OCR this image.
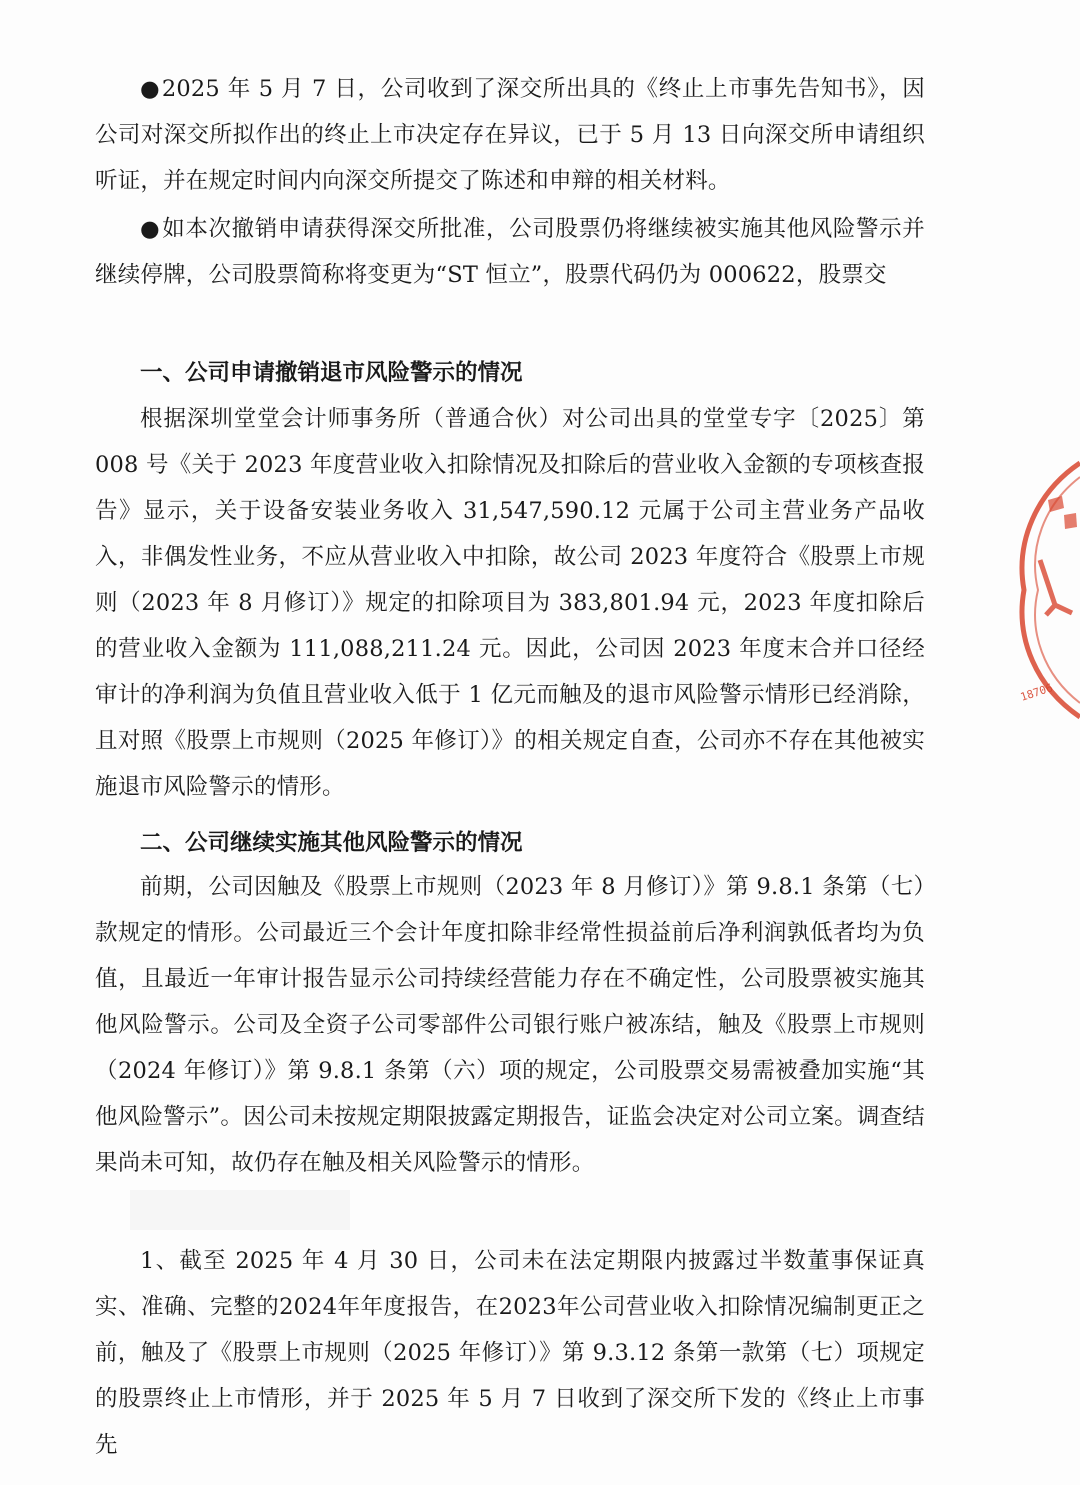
●2025 年 5 月 7 日，公司收到了深交所出具的《终止上市事先告知书》，因公司对深交所拟作出的终止上市决定存在异议，已于 5 月 13 日向深交所申请组织听证，并在规定时间内向深交所提交了陈述和申辩的相关材料。

●如本次撤销申请获得深交所批准，公司股票仍将继续被实施其他风险警示并继续停牌，公司股票简称将变更为“ST 恒立”，股票代码仍为 000622，股票交

一、公司申请撤销退市风险警示的情况

根据深圳堂堂会计师事务所（普通合伙）对公司出具的堂堂专字〔2025〕第 008 号《关于 2023 年度营业收入扣除情况及扣除后的营业收入金额的专项核查报告》显示，关于设备安装业务收入 31,547,590.12 元属于公司主营业务产品收入，非偶发性业务，不应从营业收入中扣除，故公司 2023 年度符合《股票上市规则（2023 年 8 月修订）》规定的扣除项目为 383,801.94 元，2023 年度扣除后的营业收入金额为 111,088,211.24 元。因此，公司因 2023 年度末合并口径经审计的净利润为负值且营业收入低于 1 亿元而触及的退市风险警示情形已经消除，且对照《股票上市规则（2025 年修订）》的相关规定自查，公司亦不存在其他被实施退市风险警示的情形。

二、公司继续实施其他风险警示的情况

前期，公司因触及《股票上市规则（2023 年 8 月修订）》第 9.8.1 条第（七）款规定的情形。公司最近三个会计年度扣除非经常性损益前后净利润孰低者均为负值，且最近一年审计报告显示公司持续经营能力存在不确定性，公司股票被实施其他风险警示。公司及全资子公司零部件公司银行账户被冻结，触及《股票上市规则（2024 年修订）》第 9.8.1 条第（六）项的规定，公司股票交易需被叠加实施“其他风险警示”。因公司未按规定期限披露定期报告，证监会决定对公司立案。调查结果尚未可知，故仍存在触及相关风险警示的情形。

1、截至 2025 年 4 月 30 日，公司未在法定期限内披露过半数董事保证真实、准确、完整的2024年年度报告，在2023年公司营业收入扣除情况编制更正之前，触及了《股票上市规则（2025 年修订）》第 9.3.12 条第一款第（七）项规定的股票终止上市情形，并于 2025 年 5 月 7 日收到了深交所下发的《终止上市事先

18706
